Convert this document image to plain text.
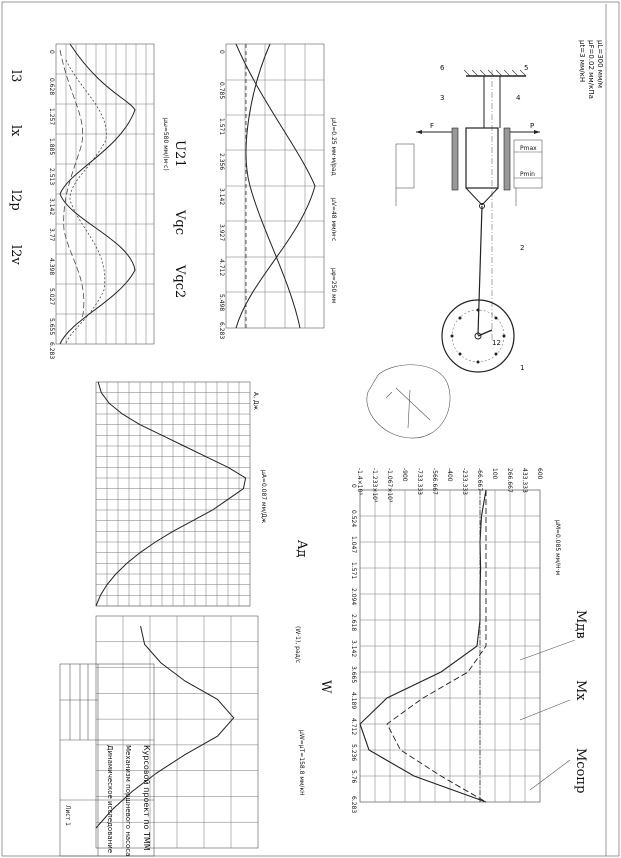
μL=300 мм/м
μF=0.02 мм/кПа
μt=3 мм/кН
Pmax
Pmin
5
6
4
3
2
1
12
F	P
0
0.785
1.571
2.356
3.142
3.927
4.712
5.498
6.283
μU=0.25 мм·м/рад
μV=48 мм/м·с
μφ=250 мм
U21
Vqc
Vqc2
0
0.628
1.257
1.885
2.513
3.142
3.77
4.398
5.027
5.655
6.283
μω=580 мм/(м·с)
l3
lx
l2p
l2v
Aд
μA=0.087 мм/Дж
A, Дж
W
μW=μT=158.8 мм/кН
(W·1), рад/с
600
433.333
266.667
100
-66.667
-233.333
-400
-566.667
-733.333
-900
-1.067×10³
-1.233×10³
-1.4×10³
0
0.524
1.047
1.571
2.094
2.618
3.142
3.665
4.189
4.712
5.236
5.76
6.283
μM=0.085 мм/Н·м
Mдв
Mx
Mсопр
Курсовой проект по ТММ
Механизм поршневого насоса
Динамическое исследование
Лист 1
